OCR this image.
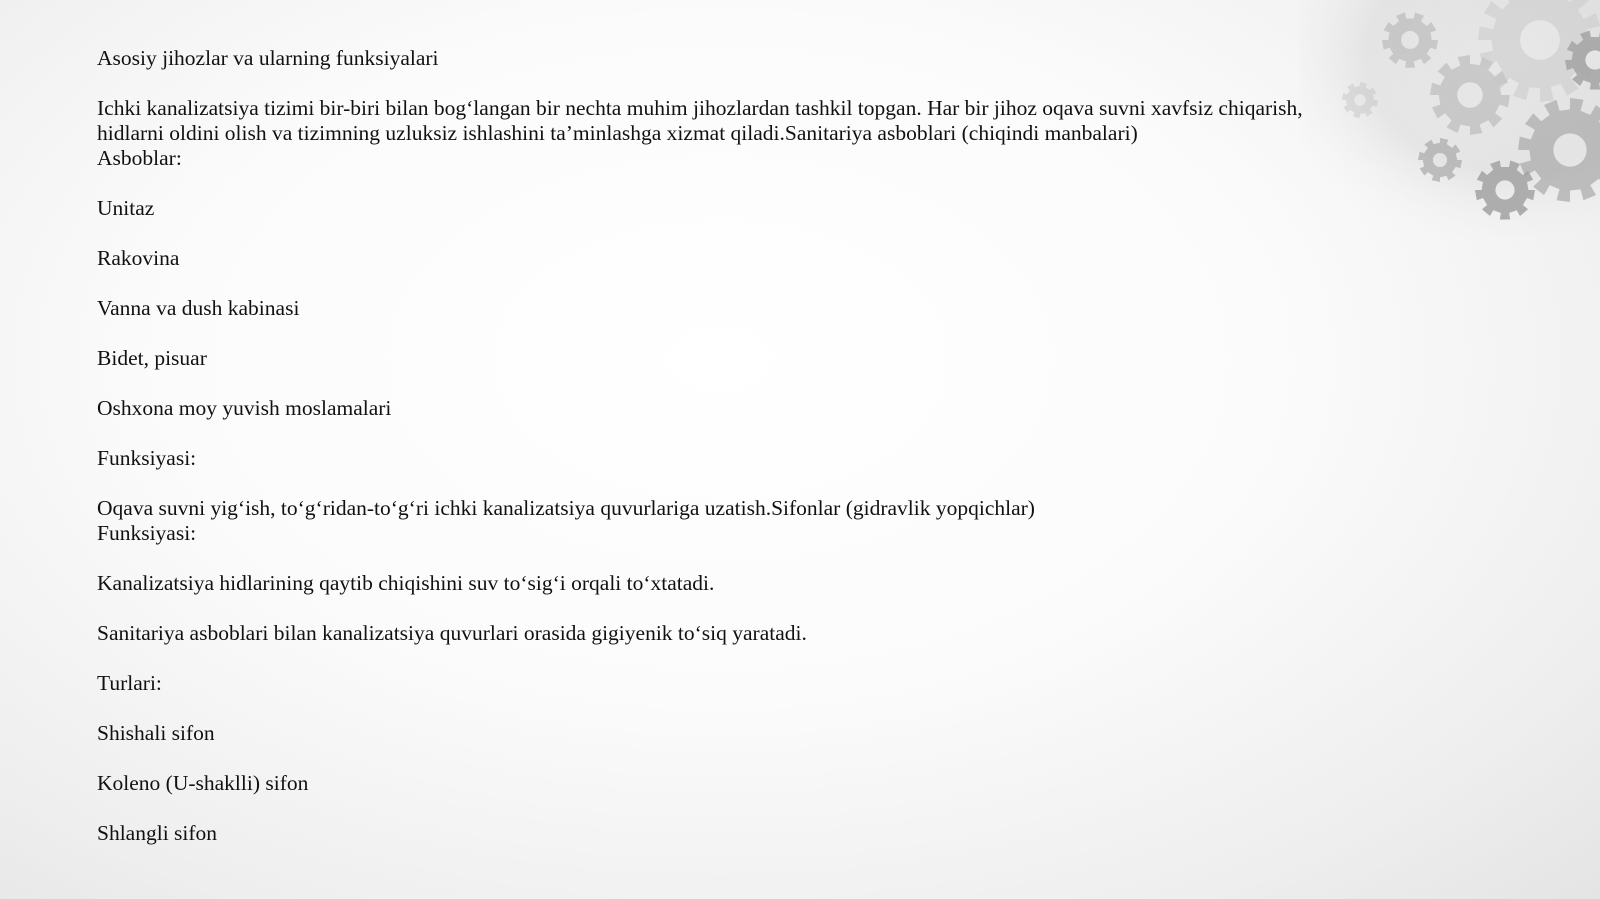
Asosiy jihozlar va ularning funksiyalari
Ichki kanalizatsiya tizimi bir-biri bilan bog‘langan bir nechta muhim jihozlardan tashkil topgan. Har bir jihoz oqava suvni xavfsiz chiqarish,
hidlarni oldini olish va tizimning uzluksiz ishlashini ta’minlashga xizmat qiladi.Sanitariya asboblari (chiqindi manbalari)
Asboblar:
Unitaz
Rakovina
Vanna va dush kabinasi
Bidet, pisuar
Oshxona moy yuvish moslamalari
Funksiyasi:
Oqava suvni yig‘ish, to‘g‘ridan-to‘g‘ri ichki kanalizatsiya quvurlariga uzatish.Sifonlar (gidravlik yopqichlar)
Funksiyasi:
Kanalizatsiya hidlarining qaytib chiqishini suv to‘sig‘i orqali to‘xtatadi.
Sanitariya asboblari bilan kanalizatsiya quvurlari orasida gigiyenik to‘siq yaratadi.
Turlari:
Shishali sifon
Koleno (U-shaklli) sifon
Shlangli sifon
